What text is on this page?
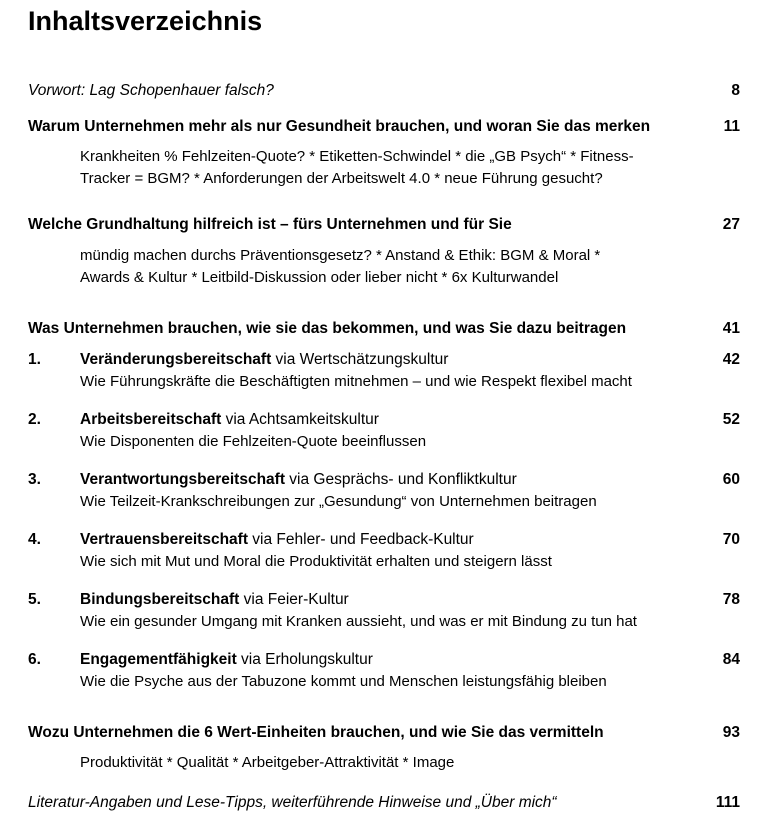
Inhaltsverzeichnis
Vorwort: Lag Schopenhauer falsch?	8
Warum Unternehmen mehr als nur Gesundheit brauchen, und woran Sie das merken	11
Krankheiten % Fehlzeiten-Quote? * Etiketten-Schwindel * die „GB Psych“ * Fitness-
Tracker = BGM? * Anforderungen der Arbeitswelt 4.0 * neue Führung gesucht?
Welche Grundhaltung hilfreich ist – fürs Unternehmen und für Sie	27
mündig machen durchs Präventionsgesetz? * Anstand & Ethik: BGM & Moral *
Awards & Kultur * Leitbild-Diskussion oder lieber nicht * 6x Kulturwandel
Was Unternehmen brauchen, wie sie das bekommen, und was Sie dazu beitragen	41
1.	Veränderungsbereitschaft via Wertschätzungskultur	42
Wie Führungskräfte die Beschäftigten mitnehmen – und wie Respekt flexibel macht
2.	Arbeitsbereitschaft via Achtsamkeitskultur	52
Wie Disponenten die Fehlzeiten-Quote beeinflussen
3.	Verantwortungsbereitschaft via Gesprächs- und Konfliktkultur	60
Wie Teilzeit-Krankschreibungen zur „Gesundung“ von Unternehmen beitragen
4.	Vertrauensbereitschaft via Fehler- und Feedback-Kultur	70
Wie sich mit Mut und Moral die Produktivität erhalten und steigern lässt
5.	Bindungsbereitschaft via Feier-Kultur	78
Wie ein gesunder Umgang mit Kranken aussieht, und was er mit Bindung zu tun hat
6.	Engagementfähigkeit via Erholungskultur	84
Wie die Psyche aus der Tabuzone kommt und Menschen leistungsfähig bleiben
Wozu Unternehmen die 6 Wert-Einheiten brauchen, und wie Sie das vermitteln	93
Produktivität * Qualität * Arbeitgeber-Attraktivität * Image
Literatur-Angaben und Lese-Tipps, weiterführende Hinweise und „Über mich“	111
